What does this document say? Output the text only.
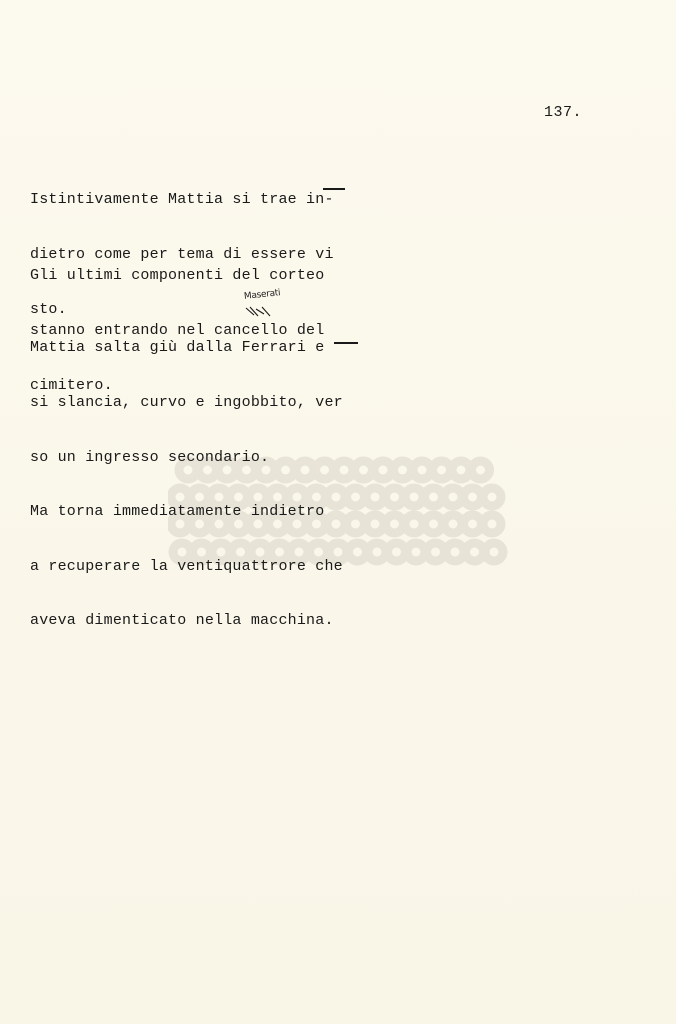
137.

Istintivamente Mattia si trae in-

dietro come per tema di essere vi

sto.

Gli ultimi componenti del corteo

stanno entrando nel cancello del

cimitero.

Mattia salta giù dalla Ferrari e

si slancia, curvo e ingobbito, ver

so un ingresso secondario.

Ma torna immediatamente indietro

a recuperare la ventiquattrore che

aveva dimenticato nella macchina.

Maserati
